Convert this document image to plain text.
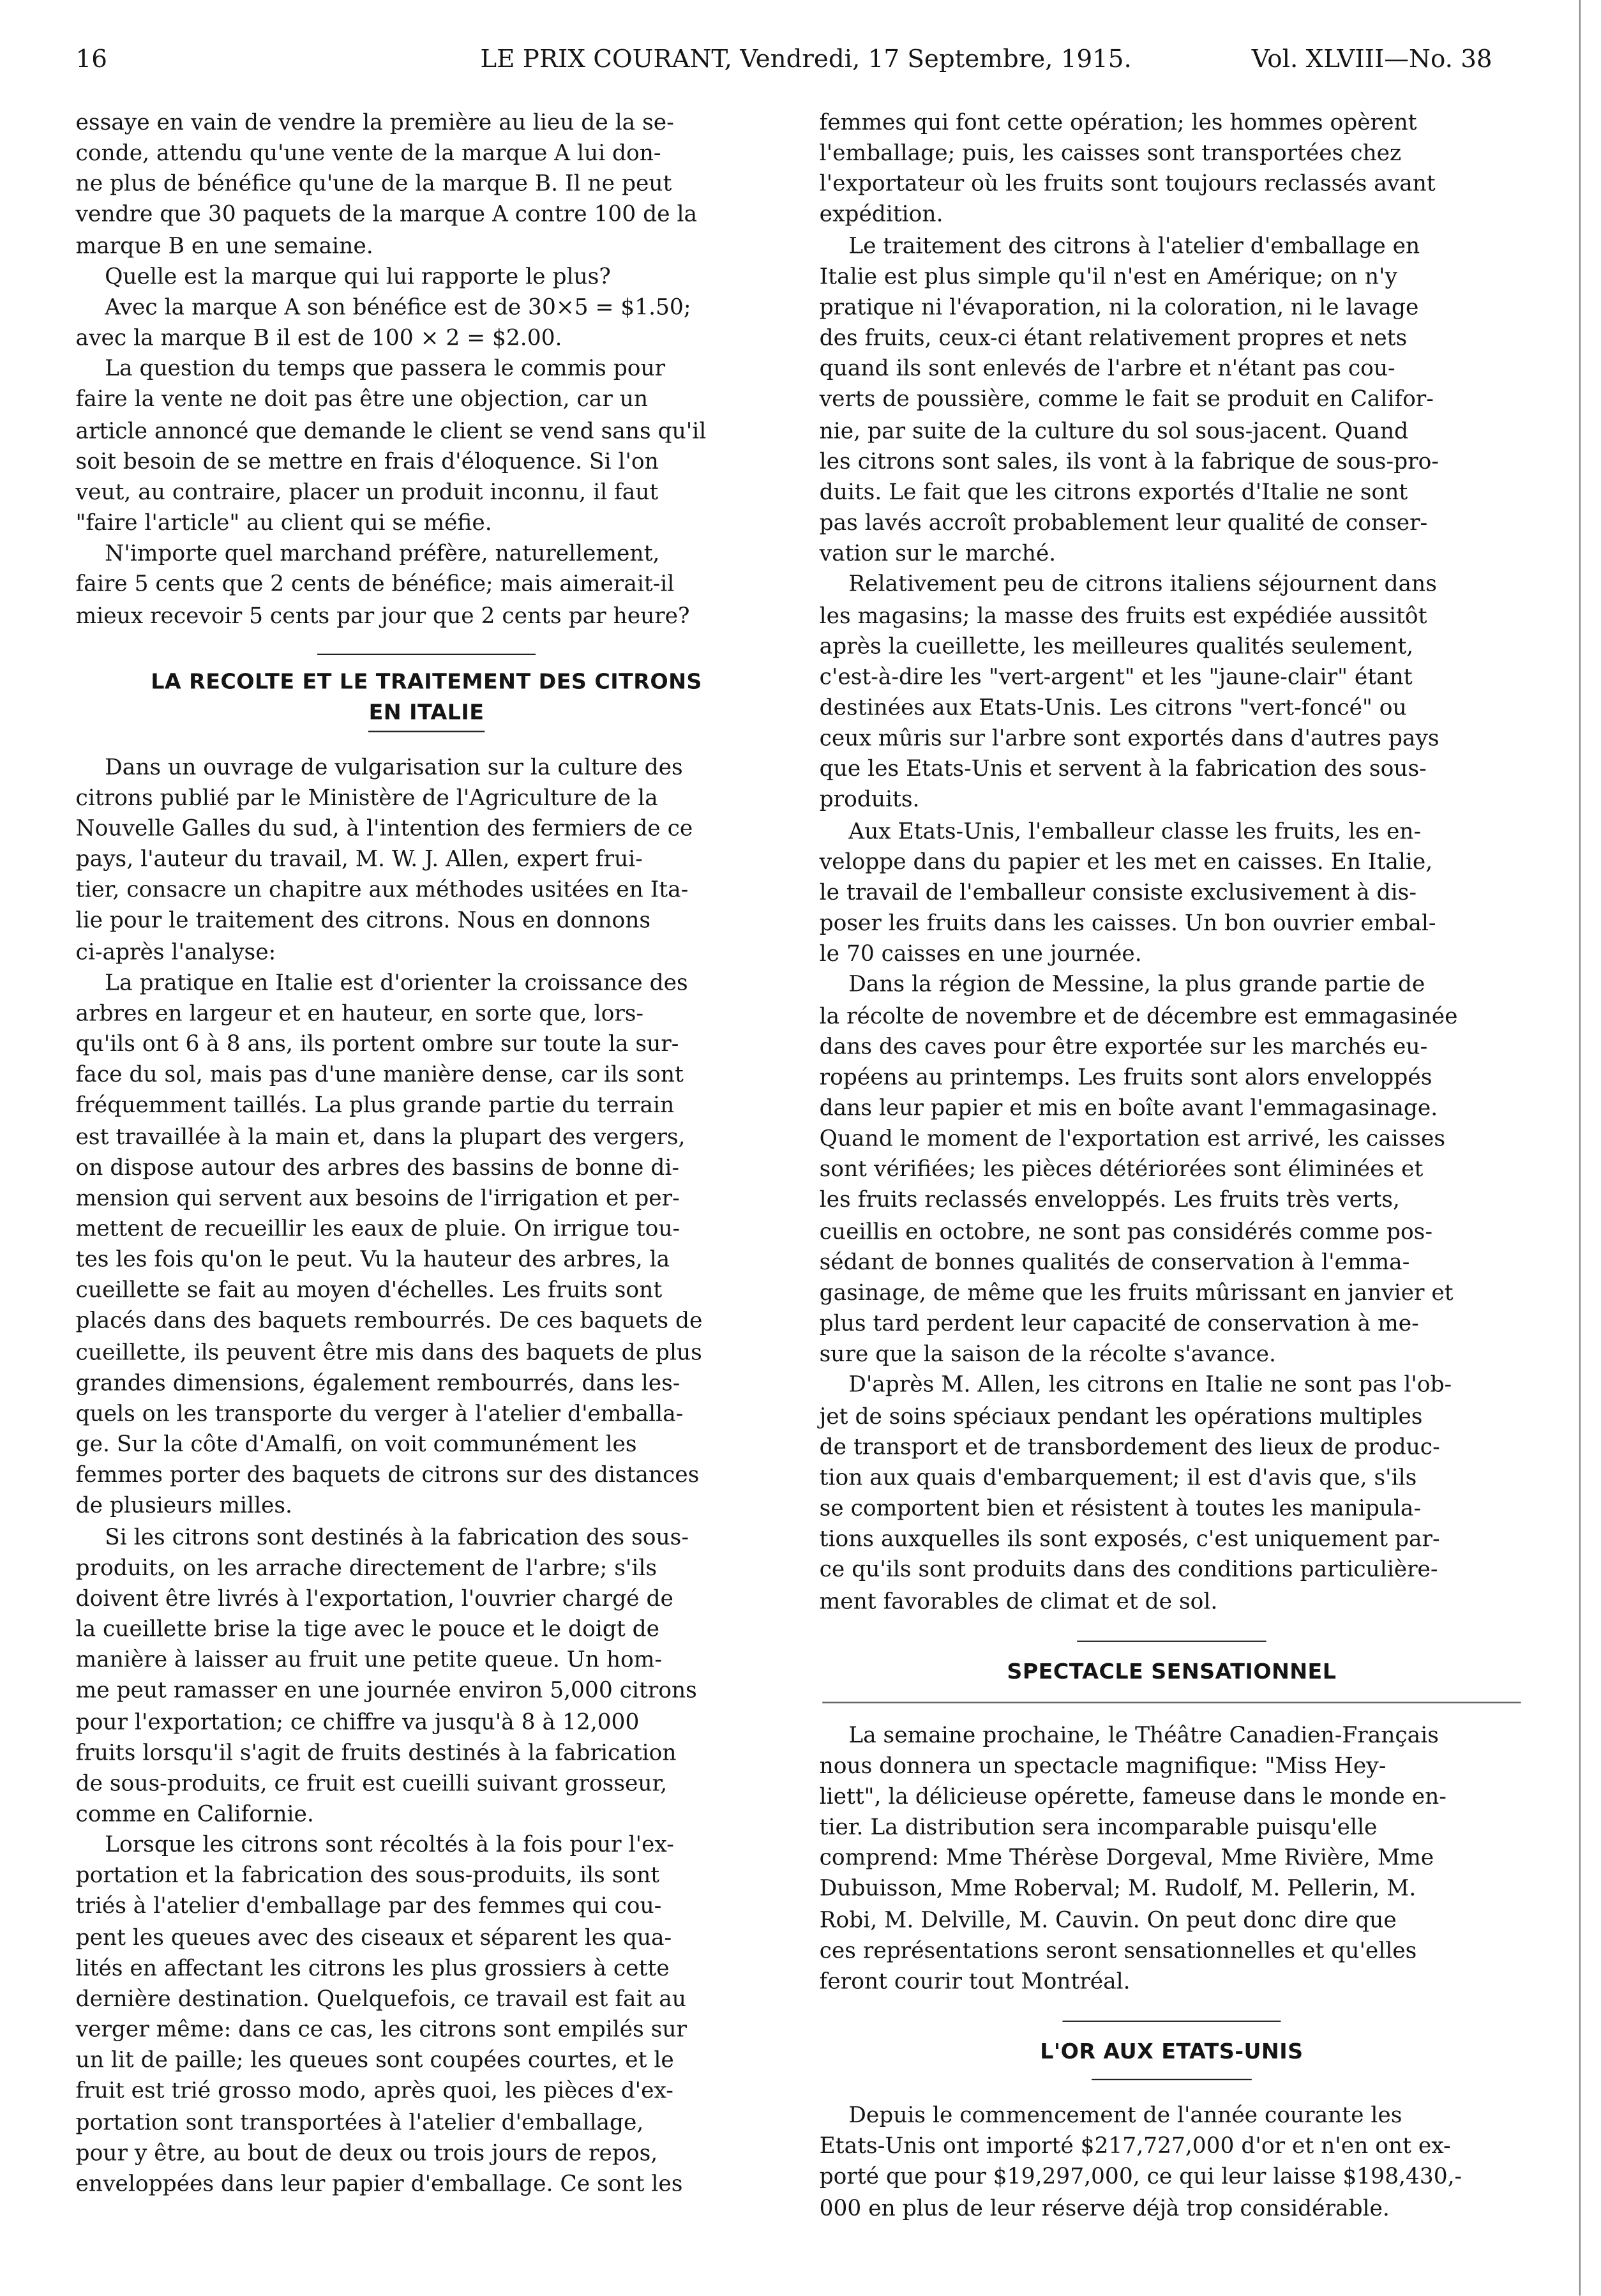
16	LE PRIX COURANT, Vendredi, 17 Septembre, 1915.	Vol. XLVIII—No. 38

essaye en vain de vendre la première au lieu de la se-
conde, attendu qu'une vente de la marque A lui don-
ne plus de bénéfice qu'une de la marque B. Il ne peut
vendre que 30 paquets de la marque A contre 100 de la
marque B en une semaine.

Quelle est la marque qui lui rapporte le plus?

Avec la marque A son bénéfice est de 30×5 = $1.50;
avec la marque B il est de 100 × 2 = $2.00.

La question du temps que passera le commis pour
faire la vente ne doit pas être une objection, car un
article annoncé que demande le client se vend sans qu'il
soit besoin de se mettre en frais d'éloquence. Si l'on
veut, au contraire, placer un produit inconnu, il faut
"faire l'article" au client qui se méfie.

N'importe quel marchand préfère, naturellement,
faire 5 cents que 2 cents de bénéfice; mais aimerait-il
mieux recevoir 5 cents par jour que 2 cents par heure?

LA RECOLTE ET LE TRAITEMENT DES CITRONS
EN ITALIE

Dans un ouvrage de vulgarisation sur la culture des
citrons publié par le Ministère de l'Agriculture de la
Nouvelle Galles du sud, à l'intention des fermiers de ce
pays, l'auteur du travail, M. W. J. Allen, expert frui-
tier, consacre un chapitre aux méthodes usitées en Ita-
lie pour le traitement des citrons. Nous en donnons
ci-après l'analyse:

La pratique en Italie est d'orienter la croissance des
arbres en largeur et en hauteur, en sorte que, lors-
qu'ils ont 6 à 8 ans, ils portent ombre sur toute la sur-
face du sol, mais pas d'une manière dense, car ils sont
fréquemment taillés. La plus grande partie du terrain
est travaillée à la main et, dans la plupart des vergers,
on dispose autour des arbres des bassins de bonne di-
mension qui servent aux besoins de l'irrigation et per-
mettent de recueillir les eaux de pluie. On irrigue tou-
tes les fois qu'on le peut. Vu la hauteur des arbres, la
cueillette se fait au moyen d'échelles. Les fruits sont
placés dans des baquets rembourrés. De ces baquets de
cueillette, ils peuvent être mis dans des baquets de plus
grandes dimensions, également rembourrés, dans les-
quels on les transporte du verger à l'atelier d'emballa-
ge. Sur la côte d'Amalfi, on voit communément les
femmes porter des baquets de citrons sur des distances
de plusieurs milles.

Si les citrons sont destinés à la fabrication des sous-
produits, on les arrache directement de l'arbre; s'ils
doivent être livrés à l'exportation, l'ouvrier chargé de
la cueillette brise la tige avec le pouce et le doigt de
manière à laisser au fruit une petite queue. Un hom-
me peut ramasser en une journée environ 5,000 citrons
pour l'exportation; ce chiffre va jusqu'à 8 à 12,000
fruits lorsqu'il s'agit de fruits destinés à la fabrication
de sous-produits, ce fruit est cueilli suivant grosseur,
comme en Californie.

Lorsque les citrons sont récoltés à la fois pour l'ex-
portation et la fabrication des sous-produits, ils sont
triés à l'atelier d'emballage par des femmes qui cou-
pent les queues avec des ciseaux et séparent les qua-
lités en affectant les citrons les plus grossiers à cette
dernière destination. Quelquefois, ce travail est fait au
verger même: dans ce cas, les citrons sont empilés sur
un lit de paille; les queues sont coupées courtes, et le
fruit est trié grosso modo, après quoi, les pièces d'ex-
portation sont transportées à l'atelier d'emballage,
pour y être, au bout de deux ou trois jours de repos,
enveloppées dans leur papier d'emballage. Ce sont les

femmes qui font cette opération; les hommes opèrent
l'emballage; puis, les caisses sont transportées chez
l'exportateur où les fruits sont toujours reclassés avant
expédition.

Le traitement des citrons à l'atelier d'emballage en
Italie est plus simple qu'il n'est en Amérique; on n'y
pratique ni l'évaporation, ni la coloration, ni le lavage
des fruits, ceux-ci étant relativement propres et nets
quand ils sont enlevés de l'arbre et n'étant pas cou-
verts de poussière, comme le fait se produit en Califor-
nie, par suite de la culture du sol sous-jacent. Quand
les citrons sont sales, ils vont à la fabrique de sous-pro-
duits. Le fait que les citrons exportés d'Italie ne sont
pas lavés accroît probablement leur qualité de conser-
vation sur le marché.

Relativement peu de citrons italiens séjournent dans
les magasins; la masse des fruits est expédiée aussitôt
après la cueillette, les meilleures qualités seulement,
c'est-à-dire les "vert-argent" et les "jaune-clair" étant
destinées aux Etats-Unis. Les citrons "vert-foncé" ou
ceux mûris sur l'arbre sont exportés dans d'autres pays
que les Etats-Unis et servent à la fabrication des sous-
produits.

Aux Etats-Unis, l'emballeur classe les fruits, les en-
veloppe dans du papier et les met en caisses. En Italie,
le travail de l'emballeur consiste exclusivement à dis-
poser les fruits dans les caisses. Un bon ouvrier embal-
le 70 caisses en une journée.

Dans la région de Messine, la plus grande partie de
la récolte de novembre et de décembre est emmagasinée
dans des caves pour être exportée sur les marchés eu-
ropéens au printemps. Les fruits sont alors enveloppés
dans leur papier et mis en boîte avant l'emmagasinage.
Quand le moment de l'exportation est arrivé, les caisses
sont vérifiées; les pièces détériorées sont éliminées et
les fruits reclassés enveloppés. Les fruits très verts,
cueillis en octobre, ne sont pas considérés comme pos-
sédant de bonnes qualités de conservation à l'emma-
gasinage, de même que les fruits mûrissant en janvier et
plus tard perdent leur capacité de conservation à me-
sure que la saison de la récolte s'avance.

D'après M. Allen, les citrons en Italie ne sont pas l'ob-
jet de soins spéciaux pendant les opérations multiples
de transport et de transbordement des lieux de produc-
tion aux quais d'embarquement; il est d'avis que, s'ils
se comportent bien et résistent à toutes les manipula-
tions auxquelles ils sont exposés, c'est uniquement par-
ce qu'ils sont produits dans des conditions particulière-
ment favorables de climat et de sol.

SPECTACLE SENSATIONNEL

La semaine prochaine, le Théâtre Canadien-Français
nous donnera un spectacle magnifique: "Miss Hey-
liett", la délicieuse opérette, fameuse dans le monde en-
tier. La distribution sera incomparable puisqu'elle
comprend: Mme Thérèse Dorgeval, Mme Rivière, Mme
Dubuisson, Mme Roberval; M. Rudolf, M. Pellerin, M.
Robi, M. Delville, M. Cauvin. On peut donc dire que
ces représentations seront sensationnelles et qu'elles
feront courir tout Montréal.

L'OR AUX ETATS-UNIS

Depuis le commencement de l'année courante les
Etats-Unis ont importé $217,727,000 d'or et n'en ont ex-
porté que pour $19,297,000, ce qui leur laisse $198,430,-
000 en plus de leur réserve déjà trop considérable.
